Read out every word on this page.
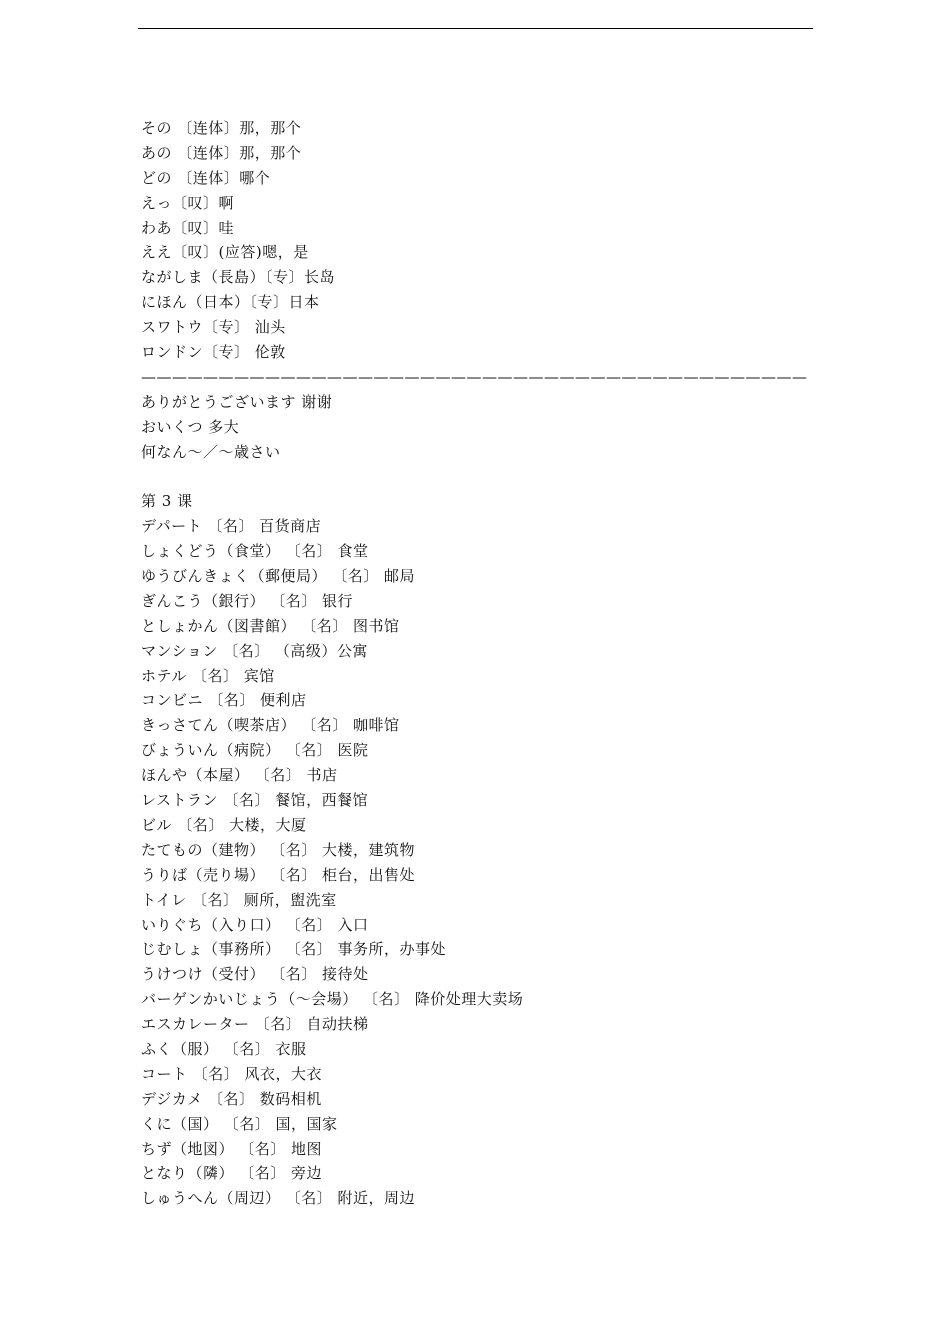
その 〔连体〕那，那个
あの 〔连体〕那，那个
どの 〔连体〕哪个
えっ〔叹〕啊
わあ〔叹〕哇
ええ〔叹〕(应答)嗯，是
ながしま（長島）〔专〕长岛
にほん（日本）〔专〕日本
スワトウ〔专〕 汕头
ロンドン〔专〕 伦敦
———————————————————————————————————————————
ありがとうございます 谢谢
おいくつ 多大
何なん～／～歳さい
第 3 课
デパート 〔名〕 百货商店
しょくどう（食堂） 〔名〕 食堂
ゆうびんきょく（郵便局） 〔名〕 邮局
ぎんこう（銀行） 〔名〕 银行
としょかん（図書館） 〔名〕 图书馆
マンション 〔名〕 （高级）公寓
ホテル 〔名〕 宾馆
コンビニ 〔名〕 便利店
きっさてん（喫茶店） 〔名〕 咖啡馆
びょういん（病院） 〔名〕 医院
ほんや（本屋） 〔名〕 书店
レストラン 〔名〕 餐馆，西餐馆
ビル 〔名〕 大楼，大厦
たてもの（建物） 〔名〕 大楼，建筑物
うりば（売り場） 〔名〕 柜台，出售处
トイレ 〔名〕 厕所，盥洗室
いりぐち（入り口） 〔名〕 入口
じむしょ（事務所） 〔名〕 事务所，办事处
うけつけ（受付） 〔名〕 接待处
バーゲンかいじょう（～会場） 〔名〕 降价处理大卖场
エスカレーター 〔名〕 自动扶梯
ふく（服） 〔名〕 衣服
コート 〔名〕 风衣，大衣
デジカメ 〔名〕 数码相机
くに（国） 〔名〕 国，国家
ちず（地図） 〔名〕 地图
となり（隣） 〔名〕 旁边
しゅうへん（周辺） 〔名〕 附近，周边
